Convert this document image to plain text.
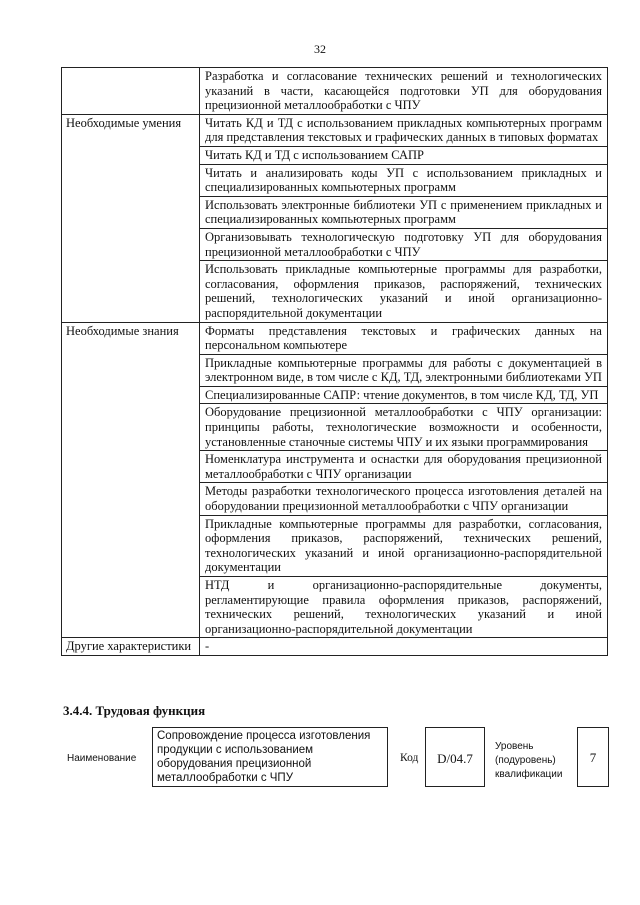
32
	Разработка и согласование технических решений и технологических указаний в части, касающейся подготовки УП для оборудования прецизионной металлообработки с ЧПУ
Необходимые умения	Читать КД и ТД с использованием прикладных компьютерных программ для представления текстовых и графических данных в типовых форматах
	Читать КД и ТД с использованием САПР
	Читать и анализировать коды УП с использованием прикладных и специализированных компьютерных программ
	Использовать электронные библиотеки УП с применением прикладных и специализированных компьютерных программ
	Организовывать технологическую подготовку УП для оборудования прецизионной металлообработки с ЧПУ
	Использовать прикладные компьютерные программы для разработки, согласования, оформления приказов, распоряжений, технических решений, технологических указаний и иной организационно-распорядительной документации
Необходимые знания	Форматы представления текстовых и графических данных на персональном компьютере
	Прикладные компьютерные программы для работы с документацией в электронном виде, в том числе с КД, ТД, электронными библиотеками УП
	Специализированные САПР: чтение документов, в том числе КД, ТД, УП
	Оборудование прецизионной металлообработки с ЧПУ организации: принципы работы, технологические возможности и особенности, установленные станочные системы ЧПУ и их языки программирования
	Номенклатура инструмента и оснастки для оборудования прецизионной металлообработки с ЧПУ организации
	Методы разработки технологического процесса изготовления деталей на оборудовании прецизионной металлообработки с ЧПУ организации
	Прикладные компьютерные программы для разработки, согласования, оформления приказов, распоряжений, технических решений, технологических указаний и иной организационно-распорядительной документации
	НТД и организационно-распорядительные документы, регламентирующие правила оформления приказов, распоряжений, технических решений, технологических указаний и иной организационно-распорядительной документации
Другие характеристики	-
3.4.4. Трудовая функция
Наименование
Сопровождение процесса изготовления продукции с использованием оборудования прецизионной металлообработки с ЧПУ
Код	D/04.7
Уровень (подуровень) квалификации
7
